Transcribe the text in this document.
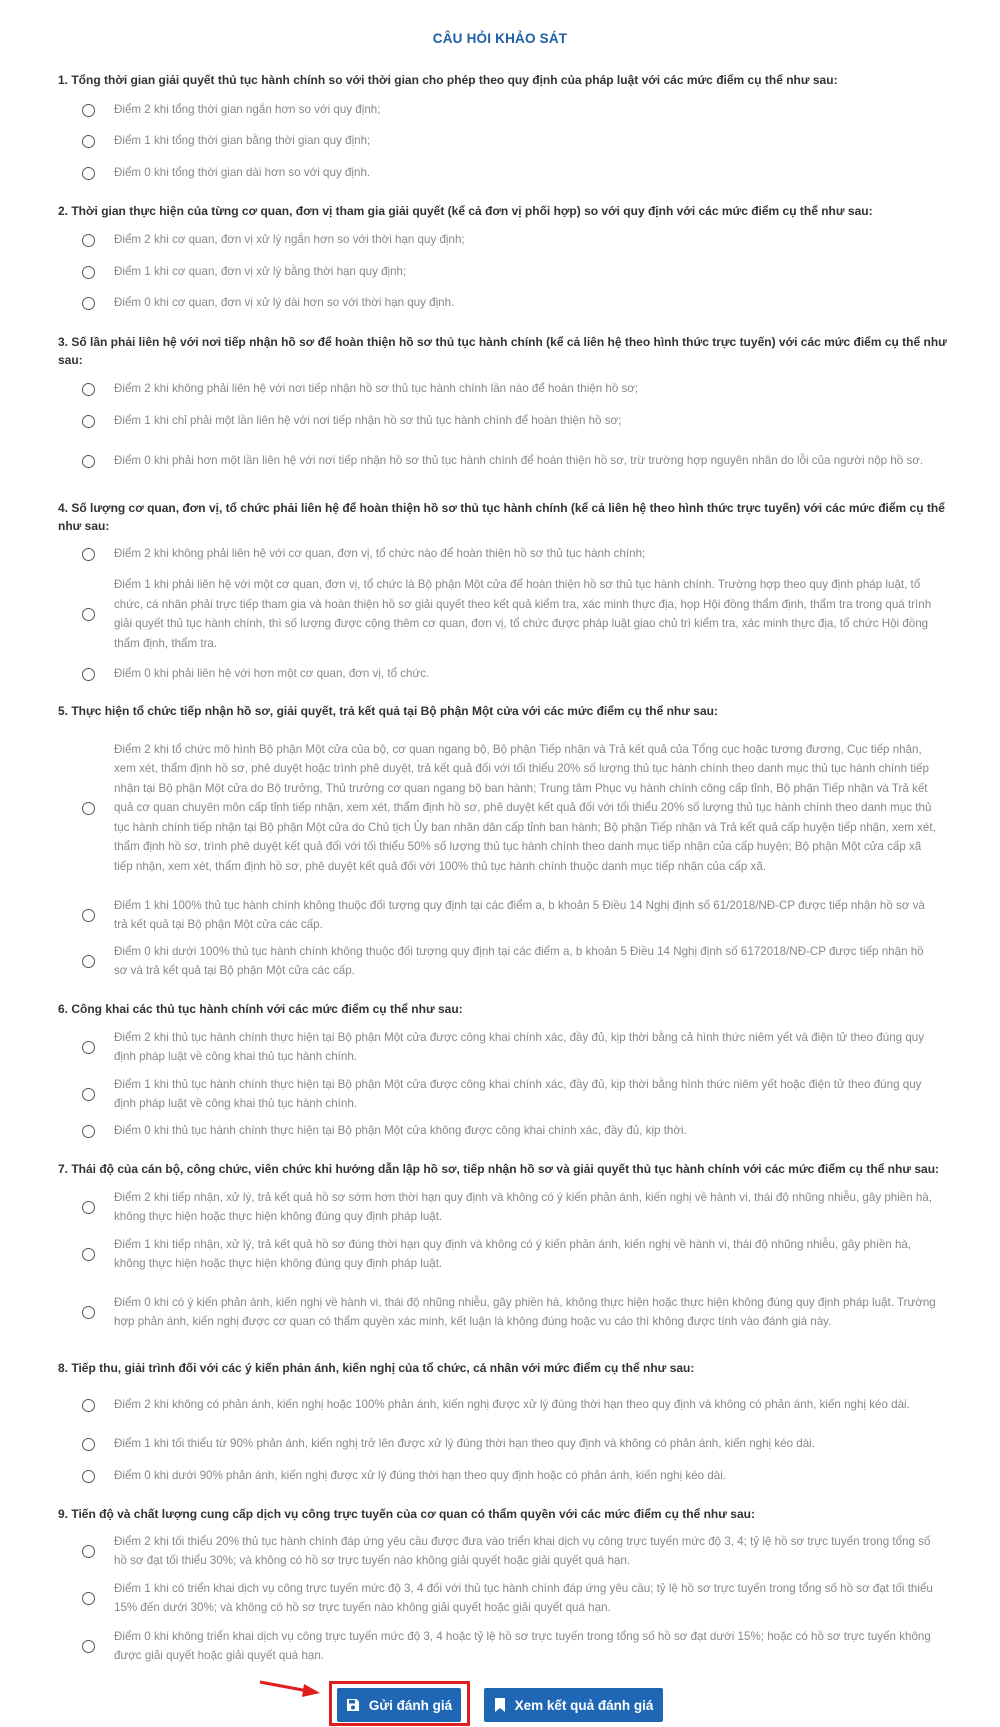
CÂU HỎI KHẢO SÁT
1. Tổng thời gian giải quyết thủ tục hành chính so với thời gian cho phép theo quy định của pháp luật với các mức điểm cụ thể như sau:
Điểm 2 khi tổng thời gian ngắn hơn so với quy định;
Điểm 1 khi tổng thời gian bằng thời gian quy định;
Điểm 0 khi tổng thời gian dài hơn so với quy định.
2. Thời gian thực hiện của từng cơ quan, đơn vị tham gia giải quyết (kể cả đơn vị phối hợp) so với quy định với các mức điểm cụ thể như sau:
Điểm 2 khi cơ quan, đơn vị xử lý ngắn hơn so với thời hạn quy định;
Điểm 1 khi cơ quan, đơn vị xử lý bằng thời hạn quy định;
Điểm 0 khi cơ quan, đơn vị xử lý dài hơn so với thời hạn quy định.
3. Số lần phải liên hệ với nơi tiếp nhận hồ sơ để hoàn thiện hồ sơ thủ tục hành chính (kể cả liên hệ theo hình thức trực tuyến) với các mức điểm cụ thể như sau:
Điểm 2 khi không phải liên hệ với nơi tiếp nhận hồ sơ thủ tục hành chính lần nào để hoàn thiện hồ sơ;
Điểm 1 khi chỉ phải một lần liên hệ với nơi tiếp nhận hồ sơ thủ tục hành chính để hoàn thiện hồ sơ;
Điểm 0 khi phải hơn một lần liên hệ với nơi tiếp nhận hồ sơ thủ tục hành chính để hoàn thiện hồ sơ, trừ trường hợp nguyên nhân do lỗi của người nộp hồ sơ.
4. Số lượng cơ quan, đơn vị, tổ chức phải liên hệ để hoàn thiện hồ sơ thủ tục hành chính (kể cả liên hệ theo hình thức trực tuyến) với các mức điểm cụ thể như sau:
Điểm 2 khi không phải liên hệ với cơ quan, đơn vị, tổ chức nào để hoàn thiện hồ sơ thủ tục hành chính;
Điểm 1 khi phải liên hệ với một cơ quan, đơn vị, tổ chức là Bộ phận Một cửa để hoàn thiện hồ sơ thủ tục hành chính. Trường hợp theo quy định pháp luật, tổ chức, cá nhân phải trực tiếp tham gia và hoàn thiện hồ sơ giải quyết theo kết quả kiểm tra, xác minh thực địa, họp Hội đồng thẩm định, thẩm tra trong quá trình giải quyết thủ tục hành chính, thì số lượng được cộng thêm cơ quan, đơn vị, tổ chức được pháp luật giao chủ trì kiểm tra, xác minh thực địa, tổ chức Hội đồng thẩm định, thẩm tra.
Điểm 0 khi phải liên hệ với hơn một cơ quan, đơn vị, tổ chức.
5. Thực hiện tổ chức tiếp nhận hồ sơ, giải quyết, trả kết quả tại Bộ phận Một cửa với các mức điểm cụ thể như sau:
Điểm 2 khi tổ chức mô hình Bộ phận Một cửa của bộ, cơ quan ngang bộ, Bộ phận Tiếp nhận và Trả kết quả của Tổng cục hoặc tương đương, Cục tiếp nhận, xem xét, thẩm định hồ sơ, phê duyệt hoặc trình phê duyệt, trả kết quả đối với tối thiểu 20% số lượng thủ tục hành chính theo danh mục thủ tục hành chính tiếp nhận tại Bộ phận Một cửa do Bộ trưởng, Thủ trưởng cơ quan ngang bộ ban hành; Trung tâm Phục vụ hành chính công cấp tỉnh, Bộ phận Tiếp nhận và Trả kết quả cơ quan chuyên môn cấp tỉnh tiếp nhận, xem xét, thẩm định hồ sơ, phê duyệt kết quả đối với tối thiểu 20% số lượng thủ tục hành chính theo danh mục thủ tục hành chính tiếp nhận tại Bộ phận Một cửa do Chủ tịch Ủy ban nhân dân cấp tỉnh ban hành; Bộ phận Tiếp nhận và Trả kết quả cấp huyện tiếp nhận, xem xét, thẩm định hồ sơ, trình phê duyệt kết quả đối với tối thiểu 50% số lượng thủ tục hành chính theo danh mục tiếp nhận của cấp huyện; Bộ phận Một cửa cấp xã tiếp nhận, xem xét, thẩm định hồ sơ, phê duyệt kết quả đối với 100% thủ tục hành chính thuộc danh mục tiếp nhận của cấp xã.
Điểm 1 khi 100% thủ tục hành chính không thuộc đối tượng quy định tại các điểm a, b khoản 5 Điều 14 Nghị định số 61/2018/NĐ-CP được tiếp nhận hồ sơ và trả kết quả tại Bộ phận Một cửa các cấp.
Điểm 0 khi dưới 100% thủ tục hành chính không thuộc đối tượng quy định tại các điểm a, b khoản 5 Điều 14 Nghị định số 6172018/NĐ-CP được tiếp nhận hồ sơ và trả kết quả tại Bộ phận Một cửa các cấp.
6. Công khai các thủ tục hành chính với các mức điểm cụ thể như sau:
Điểm 2 khi thủ tục hành chính thực hiện tại Bộ phận Một cửa được công khai chính xác, đầy đủ, kịp thời bằng cả hình thức niêm yết và điện tử theo đúng quy định pháp luật về công khai thủ tục hành chính.
Điểm 1 khi thủ tục hành chính thực hiện tại Bộ phận Một cửa được công khai chính xác, đầy đủ, kịp thời bằng hình thức niêm yết hoặc điện tử theo đúng quy định pháp luật về công khai thủ tục hành chính.
Điểm 0 khi thủ tục hành chính thực hiện tại Bộ phận Một cửa không được công khai chính xác, đầy đủ, kịp thời.
7. Thái độ của cán bộ, công chức, viên chức khi hướng dẫn lập hồ sơ, tiếp nhận hồ sơ và giải quyết thủ tục hành chính với các mức điểm cụ thể như sau:
Điểm 2 khi tiếp nhận, xử lý, trả kết quả hồ sơ sớm hơn thời hạn quy định và không có ý kiến phản ánh, kiến nghị về hành vi, thái độ nhũng nhiễu, gây phiền hà, không thực hiện hoặc thực hiện không đúng quy định pháp luật.
Điểm 1 khi tiếp nhận, xử lý, trả kết quả hồ sơ đúng thời hạn quy định và không có ý kiến phản ánh, kiến nghị về hành vi, thái độ nhũng nhiễu, gây phiền hà, không thực hiện hoặc thực hiện không đúng quy định pháp luật.
Điểm 0 khi có ý kiến phản ánh, kiến nghị về hành vi, thái độ nhũng nhiễu, gây phiền hà, không thực hiện hoặc thực hiện không đúng quy định pháp luật. Trường hợp phản ánh, kiến nghị được cơ quan có thẩm quyền xác minh, kết luận là không đúng hoặc vu cáo thì không được tính vào đánh giá này.
8. Tiếp thu, giải trình đối với các ý kiến phản ánh, kiến nghị của tổ chức, cá nhân với mức điểm cụ thể như sau:
Điểm 2 khi không có phản ánh, kiến nghị hoặc 100% phản ánh, kiến nghị được xử lý đúng thời hạn theo quy định và không có phản ánh, kiến nghị kéo dài.
Điểm 1 khi tối thiểu từ 90% phản ánh, kiến nghị trở lên được xử lý đúng thời hạn theo quy định và không có phản ánh, kiến nghị kéo dài.
Điểm 0 khi dưới 90% phản ánh, kiến nghị được xử lý đúng thời hạn theo quy định hoặc có phản ánh, kiến nghị kéo dài.
9. Tiến độ và chất lượng cung cấp dịch vụ công trực tuyến của cơ quan có thẩm quyền với các mức điểm cụ thể như sau:
Điểm 2 khi tối thiểu 20% thủ tục hành chính đáp ứng yêu cầu được đưa vào triển khai dịch vụ công trực tuyến mức độ 3, 4; tỷ lệ hồ sơ trực tuyến trong tổng số hồ sơ đạt tối thiểu 30%; và không có hồ sơ trực tuyến nào không giải quyết hoặc giải quyết quá hạn.
Điểm 1 khi có triển khai dịch vụ công trực tuyến mức độ 3, 4 đối với thủ tục hành chính đáp ứng yêu cầu; tỷ lệ hồ sơ trực tuyến trong tổng số hồ sơ đạt tối thiểu 15% đến dưới 30%; và không có hồ sơ trực tuyến nào không giải quyết hoặc giải quyết quá hạn.
Điểm 0 khi không triển khai dịch vụ công trực tuyến mức độ 3, 4 hoặc tỷ lệ hồ sơ trực tuyến trong tổng số hồ sơ đạt dưới 15%; hoặc có hồ sơ trực tuyến không được giải quyết hoặc giải quyết quá hạn.
Gửi đánh giá	Xem kết quả đánh giá
